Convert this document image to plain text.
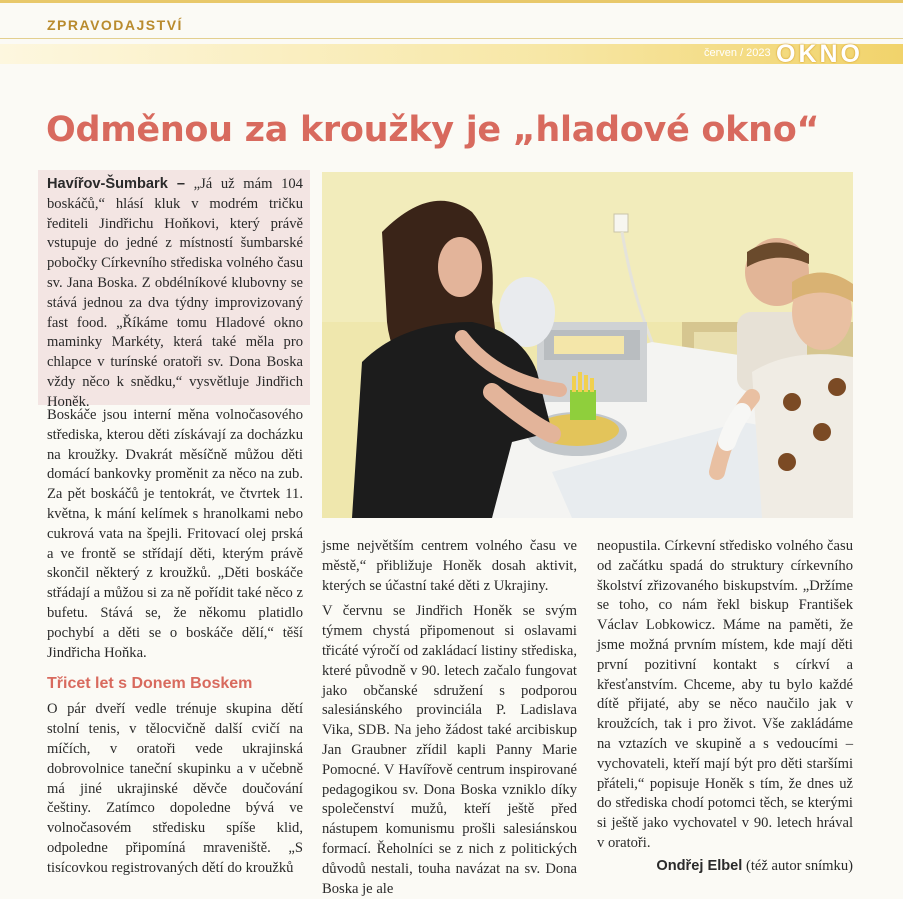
ZPRAVODAJSTVÍ
červen / 2023 OKNO
Odměnou za kroužky je „hladové okno“

Havířov-Šumbark – „Já už mám 104 boskáčů,“ hlásí kluk v modrém tričku řediteli Jindřichu Hoňkovi, který právě vstupuje do jedné z místností šumbarské pobočky Církevního střediska volného času sv. Jana Boska. Z obdélníkové klubovny se stává jednou za dva týdny improvizovaný fast food. „Říkáme tomu Hladové okno maminky Markéty, která také měla pro chlapce v turínské oratoři sv. Dona Boska vždy něco k snědku,“ vysvětluje Jindřich Honěk.

Boskáče jsou interní měna volnočasového střediska, kterou děti získávají za docházku na kroužky. Dvakrát měsíčně můžou děti domácí bankovky proměnit za něco na zub. Za pět boskáčů je tentokrát, ve čtvrtek 11. května, k mání kelímek s hranolkami nebo cukrová vata na špejli. Fritovací olej prská a ve frontě se střídají děti, kterým právě skončil některý z kroužků. „Děti boskáče střádají a můžou si za ně pořídit také něco z bufetu. Stává se, že někomu platidlo pochybí a děti se o boskáče dělí,“ těší Jindřicha Hoňka.

Třicet let s Donem Boskem

O pár dveří vedle trénuje skupina dětí stolní tenis, v tělocvičně další cvičí na míčích, v oratoři vede ukrajinská dobrovolnice taneční skupinku a v učebně má jiné ukrajinské děvče doučování češtiny. Zatímco dopoledne bývá ve volnočasovém středisku spíše klid, odpoledne připomíná mraveniště. „S tisícovkou registrovaných dětí do kroužků

jsme největším centrem volného času ve městě,“ přibližuje Honěk dosah aktivit, kterých se účastní také děti z Ukrajiny.

V červnu se Jindřich Honěk se svým týmem chystá připomenout si oslavami třicáté výročí od zakládací listiny střediska, které původně v 90. letech začalo fungovat jako občanské sdružení s podporou salesiánského provinciála P. Ladislava Vika, SDB. Na jeho žádost také arcibiskup Jan Graubner zřídil kapli Panny Marie Pomocné. V Havířově centrum inspirované pedagogikou sv. Dona Boska vzniklo díky společenství mužů, kteří ještě před nástupem komunismu prošli salesiánskou formací. Řeholníci se z nich z politických důvodů nestali, touha navázat na sv. Dona Boska je ale

neopustila. Církevní středisko volného času od začátku spadá do struktury církevního školství zřizovaného biskupstvím. „Držíme se toho, co nám řekl biskup František Václav Lobkowicz. Máme na paměti, že jsme možná prvním místem, kde mají děti první pozitivní kontakt s církví a křesťanstvím. Chceme, aby tu bylo každé dítě přijaté, aby se něco naučilo jak v kroužcích, tak i pro život. Vše zakládáme na vztazích ve skupině a s vedoucími – vychovateli, kteří mají být pro děti staršími přáteli,“ popisuje Honěk s tím, že dnes už do střediska chodí potomci těch, se kterými si ještě jako vychovatel v 90. letech hrával v oratoři.

Ondřej Elbel (též autor snímku)
